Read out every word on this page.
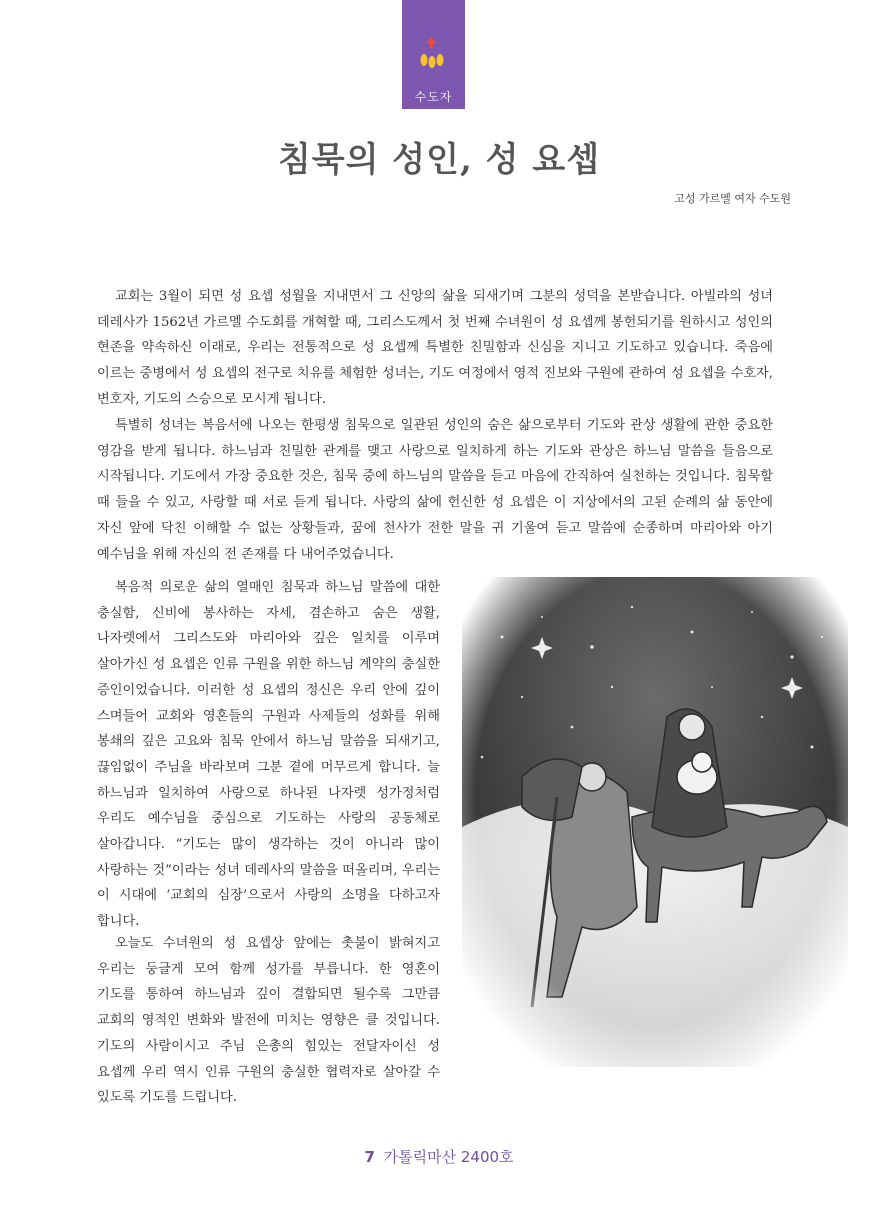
수도자
침묵의 성인, 성 요셉
고성 가르멜 여자 수도원

교회는 3월이 되면 성 요셉 성월을 지내면서 그 신앙의 삶을 되새기며 그분의 성덕을 본받습니다. 아빌라의 성녀 데레사가 1562년 가르멜 수도회를 개혁할 때, 그리스도께서 첫 번째 수녀원이 성 요셉께 봉헌되기를 원하시고 성인의 현존을 약속하신 이래로, 우리는 전통적으로 성 요셉께 특별한 친밀함과 신심을 지니고 기도하고 있습니다. 죽음에 이르는 중병에서 성 요셉의 전구로 치유를 체험한 성녀는, 기도 여정에서 영적 진보와 구원에 관하여 성 요셉을 수호자, 변호자, 기도의 스승으로 모시게 됩니다.

특별히 성녀는 복음서에 나오는 한평생 침묵으로 일관된 성인의 숨은 삶으로부터 기도와 관상 생활에 관한 중요한 영감을 받게 됩니다. 하느님과 친밀한 관계를 맺고 사랑으로 일치하게 하는 기도와 관상은 하느님 말씀을 들음으로 시작됩니다. 기도에서 가장 중요한 것은, 침묵 중에 하느님의 말씀을 듣고 마음에 간직하여 실천하는 것입니다. 침묵할 때 들을 수 있고, 사랑할 때 서로 듣게 됩니다. 사랑의 삶에 헌신한 성 요셉은 이 지상에서의 고된 순례의 삶 동안에 자신 앞에 닥친 이해할 수 없는 상황들과, 꿈에 천사가 전한 말을 귀 기울여 듣고 말씀에 순종하며 마리아와 아기 예수님을 위해 자신의 전 존재를 다 내어주었습니다.

복음적 의로운 삶의 열매인 침묵과 하느님 말씀에 대한 충실함, 신비에 봉사하는 자세, 겸손하고 숨은 생활, 나자렛에서 그리스도와 마리아와 깊은 일치를 이루며 살아가신 성 요셉은 인류 구원을 위한 하느님 계약의 충실한 증인이었습니다. 이러한 성 요셉의 정신은 우리 안에 깊이 스며들어 교회와 영혼들의 구원과 사제들의 성화를 위해 봉쇄의 깊은 고요와 침묵 안에서 하느님 말씀을 되새기고, 끊임없이 주님을 바라보며 그분 곁에 머무르게 합니다. 늘 하느님과 일치하여 사랑으로 하나된 나자렛 성가정처럼 우리도 예수님을 중심으로 기도하는 사랑의 공동체로 살아갑니다. “기도는 많이 생각하는 것이 아니라 많이 사랑하는 것”이라는 성녀 데레사의 말씀을 떠올리며, 우리는 이 시대에 ‘교회의 심장’으로서 사랑의 소명을 다하고자 합니다.

오늘도 수녀원의 성 요셉상 앞에는 촛불이 밝혀지고 우리는 둥글게 모여 함께 성가를 부릅니다. 한 영혼이 기도를 통하여 하느님과 깊이 결합되면 될수록 그만큼 교회의 영적인 변화와 발전에 미치는 영향은 클 것입니다. 기도의 사람이시고 주님 은총의 힘있는 전달자이신 성 요셉께 우리 역시 인류 구원의 충실한 협력자로 살아갈 수 있도록 기도를 드립니다.

7 가톨릭마산 2400호
